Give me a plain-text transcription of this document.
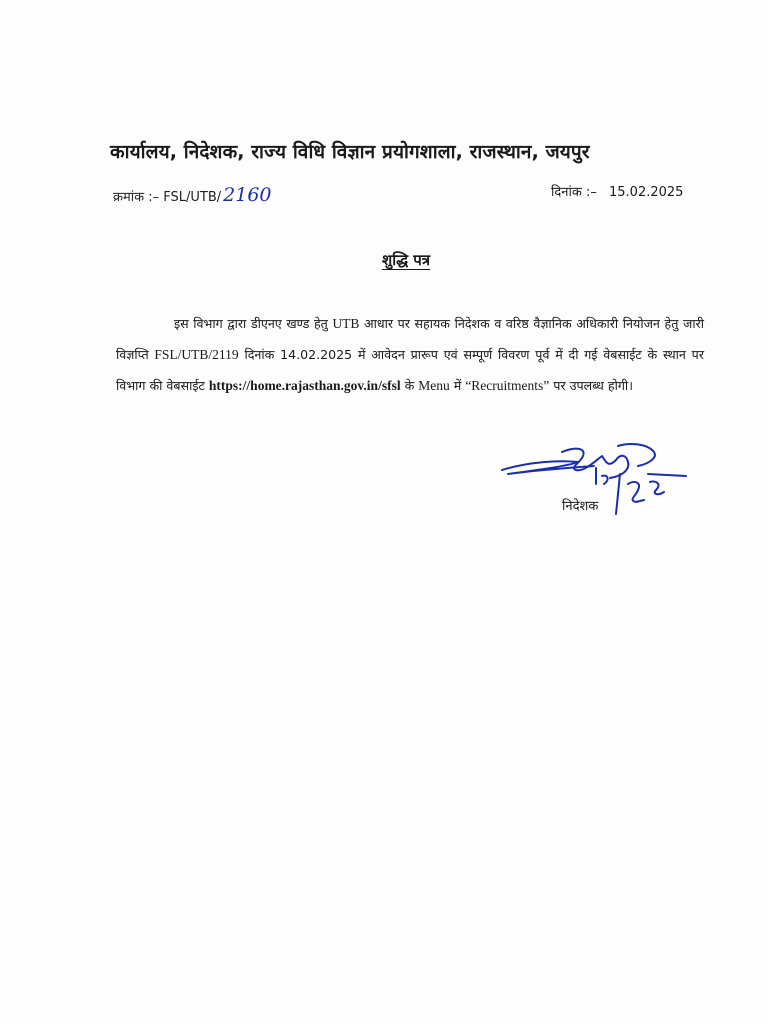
कार्यालय, निदेशक, राज्य विधि विज्ञान प्रयोगशाला, राजस्थान, जयपुर
क्रमांक :– FSL/UTB/ 2160	दिनांक :– 15.02.2025
शुद्धि पत्र
इस विभाग द्वारा डीएनए खण्ड हेतु UTB आधार पर सहायक निदेशक व वरिष्ठ वैज्ञानिक अधिकारी नियोजन हेतु जारी विज्ञप्ति FSL/UTB/2119 दिनांक 14.02.2025 में आवेदन प्रारूप एवं सम्पूर्ण विवरण पूर्व में दी गई वेबसाईट के स्थान पर विभाग की वेबसाईट https://home.rajasthan.gov.in/sfsl के Menu में “Recruitments” पर उपलब्ध होगी।
निदेशक
